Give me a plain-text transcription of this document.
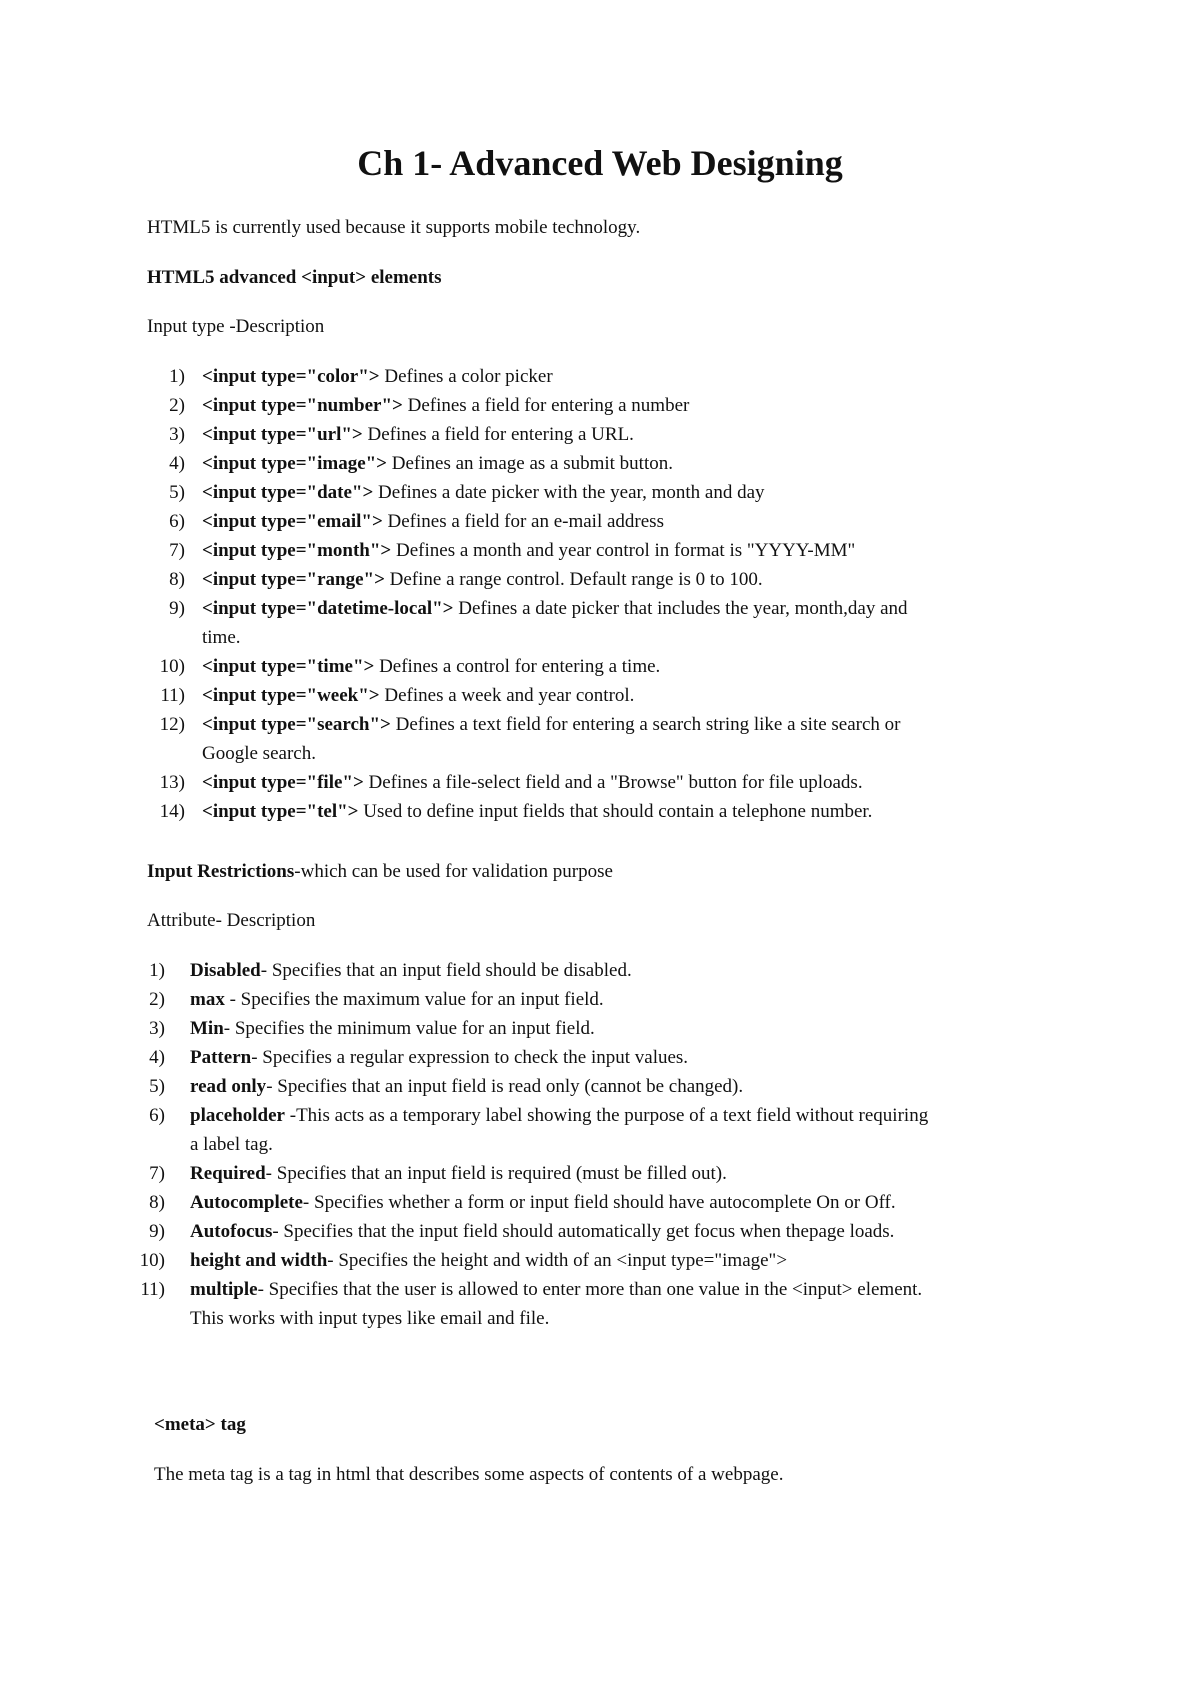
Ch 1- Advanced Web Designing
HTML5 is currently used because it supports mobile technology.
HTML5 advanced <input> elements
Input type -Description
1) <input type="color"> Defines a color picker
2) <input type="number"> Defines a field for entering a number
3) <input type="url"> Defines a field for entering a URL.
4) <input type="image"> Defines an image as a submit button.
5) <input type="date"> Defines a date picker with the year, month and day
6) <input type="email"> Defines a field for an e-mail address
7) <input type="month"> Defines a month and year control in format is "YYYY-MM"
8) <input type="range"> Define a range control. Default range is 0 to 100.
9) <input type="datetime-local"> Defines a date picker that includes the year, month,day and
time.
10) <input type="time"> Defines a control for entering a time.
11) <input type="week"> Defines a week and year control.
12) <input type="search"> Defines a text field for entering a search string like a site search or
Google search.
13) <input type="file"> Defines a file-select field and a "Browse" button for file uploads.
14) <input type="tel"> Used to define input fields that should contain a telephone number.
Input Restrictions-which can be used for validation purpose
Attribute- Description
1) Disabled- Specifies that an input field should be disabled.
2) max - Specifies the maximum value for an input field.
3) Min- Specifies the minimum value for an input field.
4) Pattern- Specifies a regular expression to check the input values.
5) read only- Specifies that an input field is read only (cannot be changed).
6) placeholder -This acts as a temporary label showing the purpose of a text field without requiring
a label tag.
7) Required- Specifies that an input field is required (must be filled out).
8) Autocomplete- Specifies whether a form or input field should have autocomplete On or Off.
9) Autofocus- Specifies that the input field should automatically get focus when thepage loads.
10) height and width- Specifies the height and width of an <input type="image">
11) multiple- Specifies that the user is allowed to enter more than one value in the <input> element.
This works with input types like email and file.
<meta> tag
The meta tag is a tag in html that describes some aspects of contents of a webpage.
